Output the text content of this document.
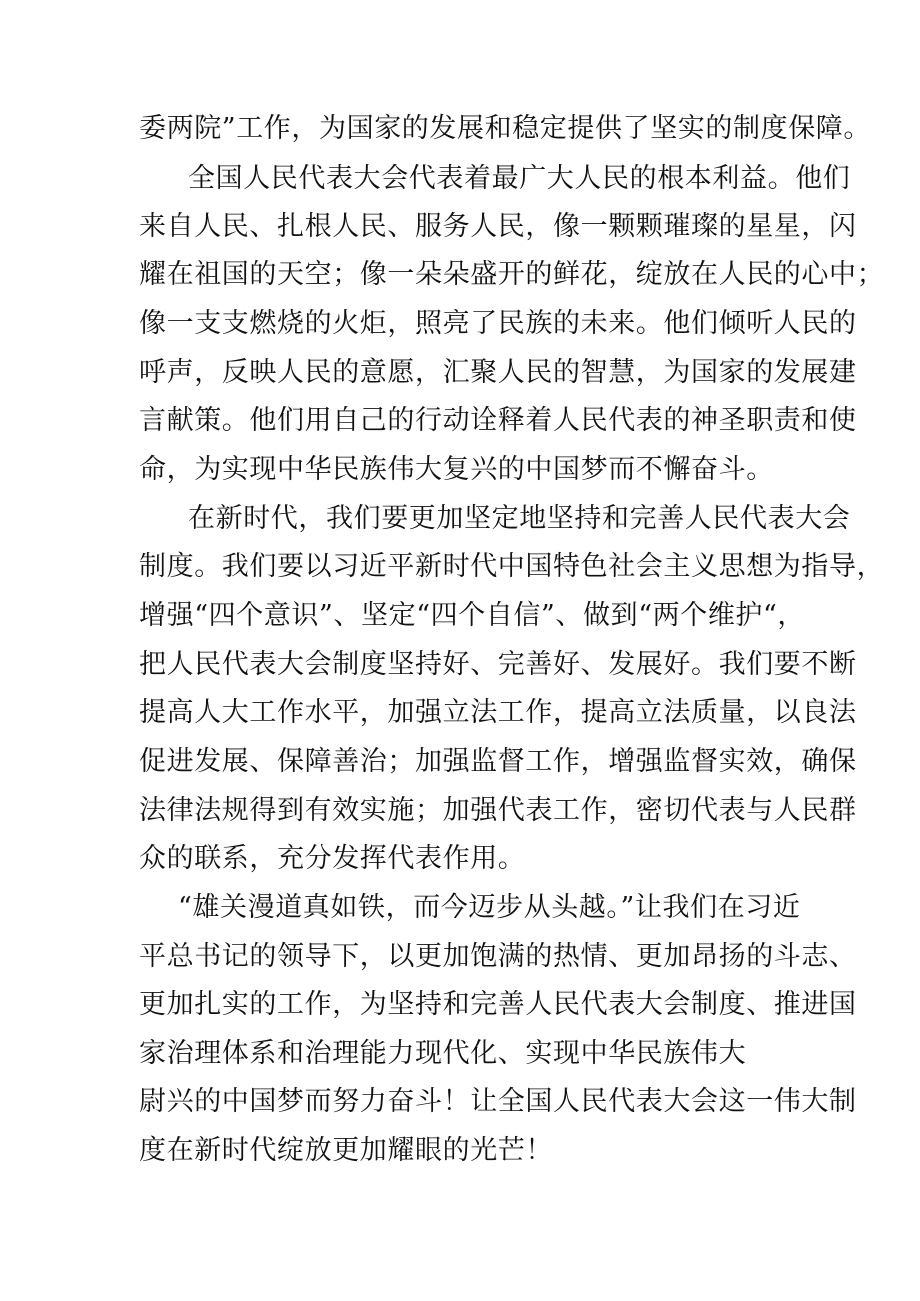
委两院”工作，为国家的发展和稳定提供了坚实的制度保障。
全国人民代表大会代表着最广大人民的根本利益。他们
来自人民、扎根人民、服务人民，像一颗颗璀璨的星星，闪
耀在祖国的天空；像一朵朵盛开的鲜花，绽放在人民的心中；
像一支支燃烧的火炬，照亮了民族的未来。他们倾听人民的
呼声，反映人民的意愿，汇聚人民的智慧，为国家的发展建
言献策。他们用自己的行动诠释着人民代表的神圣职责和使
命，为实现中华民族伟大复兴的中国梦而不懈奋斗。
在新时代，我们要更加坚定地坚持和完善人民代表大会
制度。我们要以习近平新时代中国特色社会主义思想为指导，
增强“四个意识”、坚定“四个自信”、做到“两个维护“，
把人民代表大会制度坚持好、完善好、发展好。我们要不断
提高人大工作水平，加强立法工作，提高立法质量，以良法
促进发展、保障善治；加强监督工作，增强监督实效，确保
法律法规得到有效实施；加强代表工作，密切代表与人民群
众的联系，充分发挥代表作用。
“雄关漫道真如铁，而今迈步从头越。”让我们在习近
平总书记的领导下，以更加饱满的热情、更加昂扬的斗志、
更加扎实的工作，为坚持和完善人民代表大会制度、推进国
家治理体系和治理能力现代化、实现中华民族伟大
尉兴的中国梦而努力奋斗！让全国人民代表大会这一伟大制
度在新时代绽放更加耀眼的光芒！
